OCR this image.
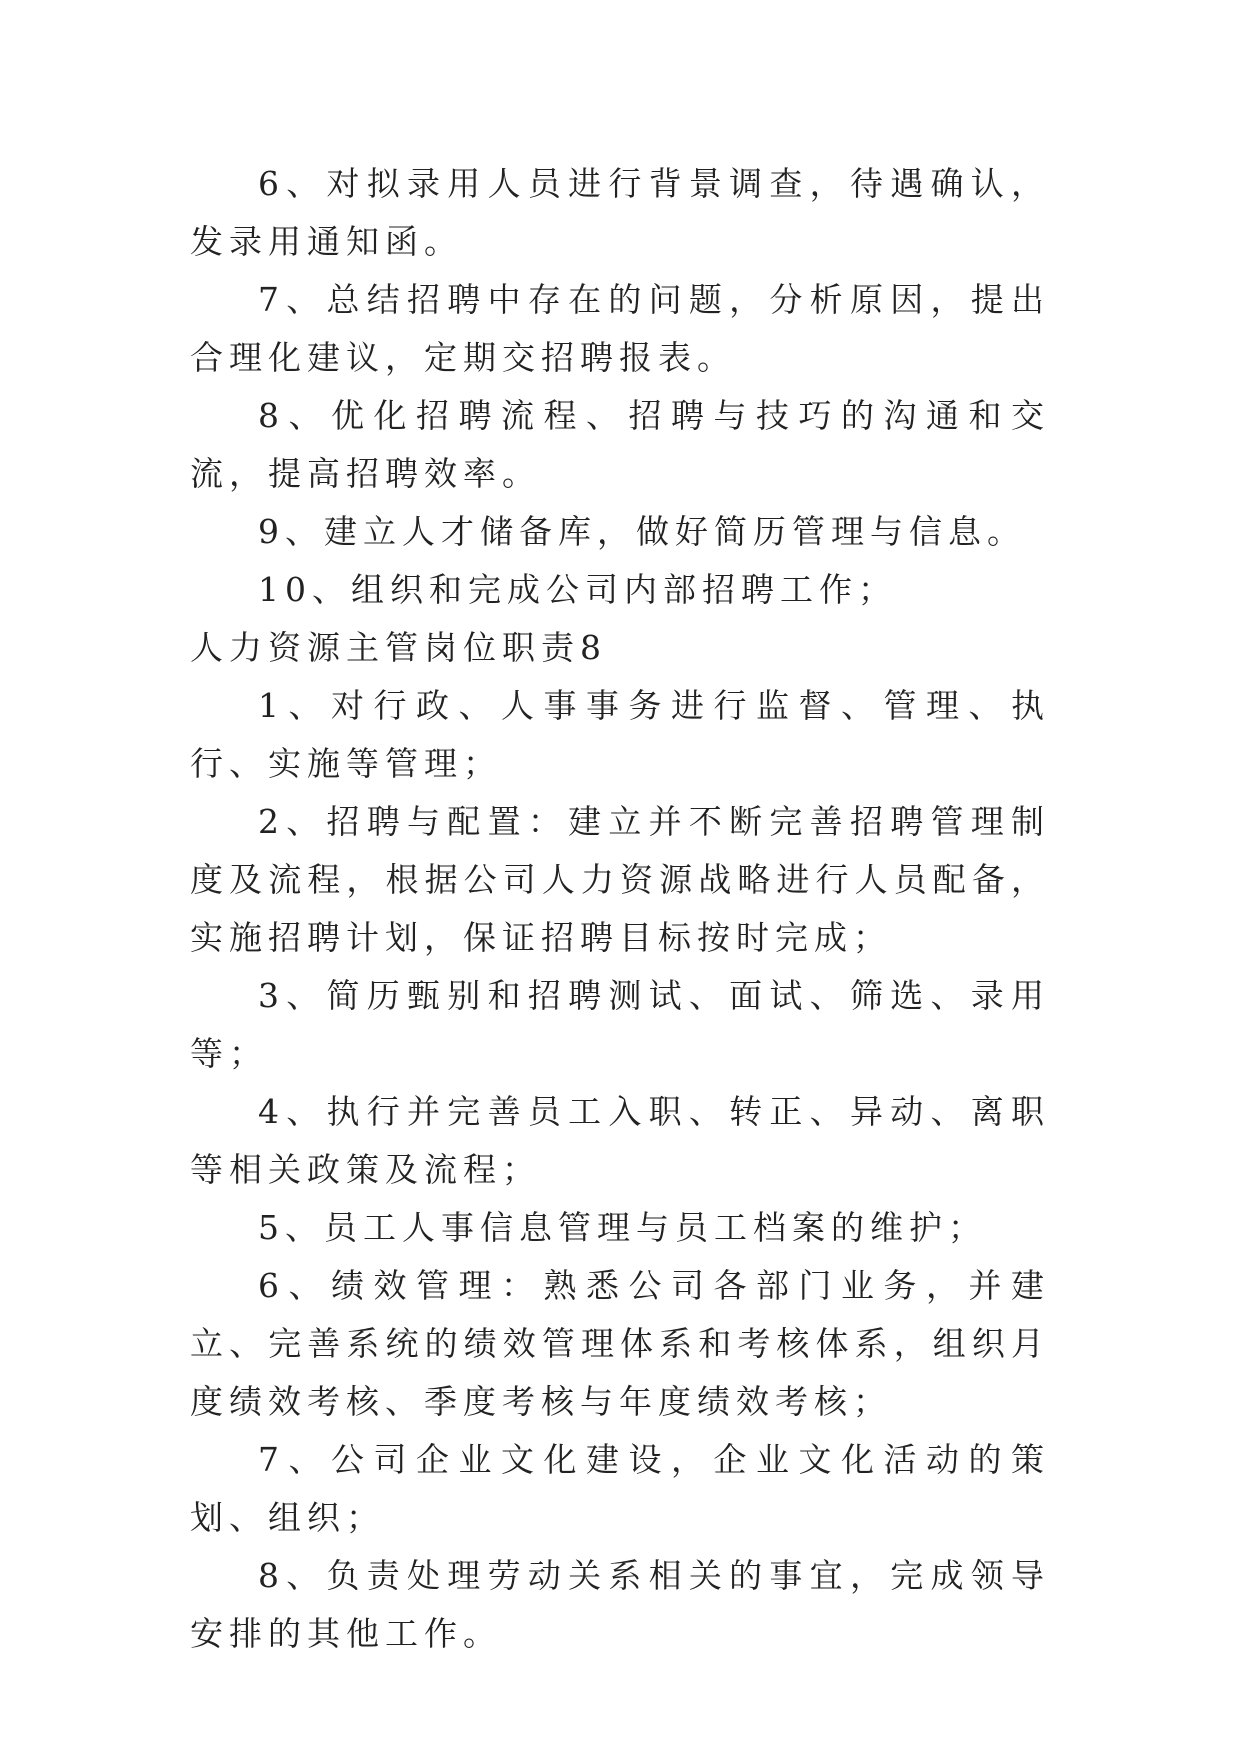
6、对拟录用人员进行背景调查，待遇确认，发录用通知函。

7、总结招聘中存在的问题，分析原因，提出合理化建议，定期交招聘报表。

8、优化招聘流程、招聘与技巧的沟通和交流，提高招聘效率。

9、建立人才储备库，做好简历管理与信息。

10、组织和完成公司内部招聘工作；

人力资源主管岗位职责8

1、对行政、人事事务进行监督、管理、执行、实施等管理；

2、招聘与配置：建立并不断完善招聘管理制度及流程，根据公司人力资源战略进行人员配备，实施招聘计划，保证招聘目标按时完成；

3、简历甄别和招聘测试、面试、筛选、录用等；

4、执行并完善员工入职、转正、异动、离职等相关政策及流程；

5、员工人事信息管理与员工档案的维护；

6、绩效管理：熟悉公司各部门业务，并建立、完善系统的绩效管理体系和考核体系，组织月度绩效考核、季度考核与年度绩效考核；

7、公司企业文化建设，企业文化活动的策划、组织；

8、负责处理劳动关系相关的事宜，完成领导安排的其他工作。
